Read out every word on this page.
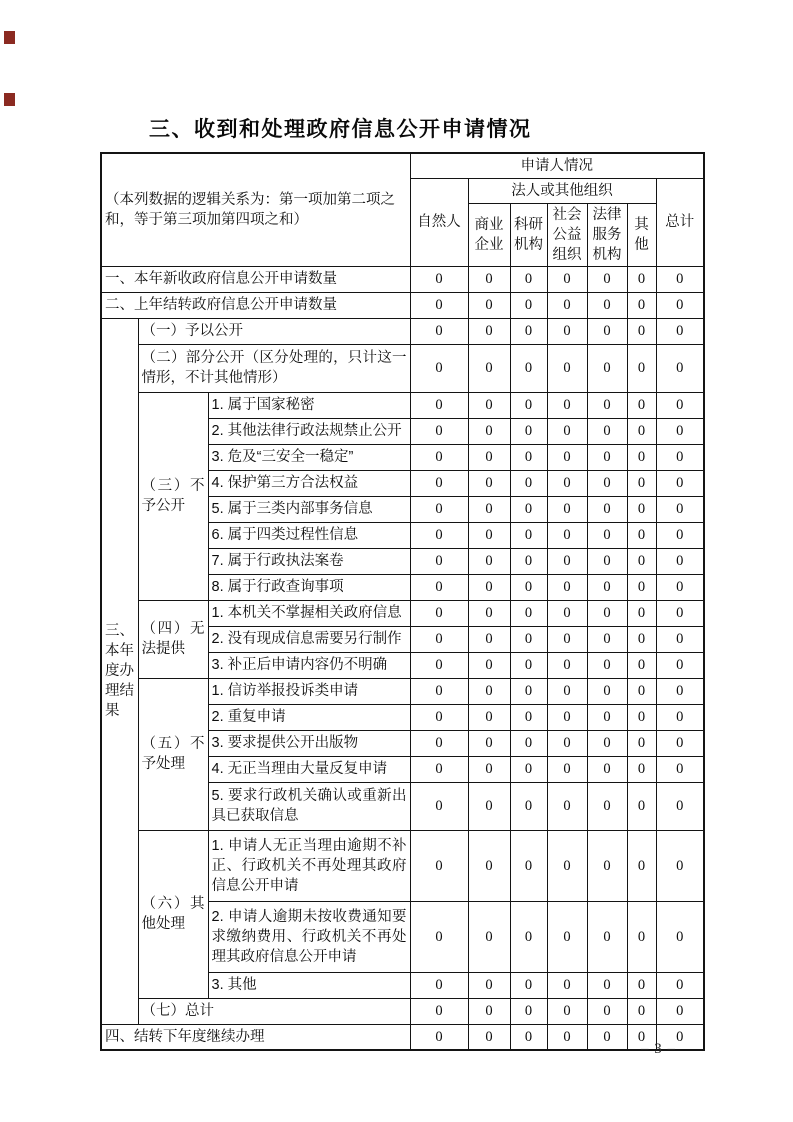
三、收到和处理政府信息公开申请情况
（本列数据的逻辑关系为：第一项加第二项之和，等于第三项加第四项之和）			申请人情况						
			自然人	法人或其他组织					总计
				商业企业	科研机构	社会公益组织	法律服务机构	其他	
一、本年新收政府信息公开申请数量			0	0	0	0	0	0	0
二、上年结转政府信息公开申请数量			0	0	0	0	0	0	0
三、本年度办理结果	（一）予以公开		0	0	0	0	0	0	0
	（二）部分公开（区分处理的，只计这一情形，不计其他情形）		0	0	0	0	0	0	0
	（三）不予公开	1. 属于国家秘密	0	0	0	0	0	0	0
		2. 其他法律行政法规禁止公开	0	0	0	0	0	0	0
		3. 危及“三安全一稳定”	0	0	0	0	0	0	0
		4. 保护第三方合法权益	0	0	0	0	0	0	0
		5. 属于三类内部事务信息	0	0	0	0	0	0	0
		6. 属于四类过程性信息	0	0	0	0	0	0	0
		7. 属于行政执法案卷	0	0	0	0	0	0	0
		8. 属于行政查询事项	0	0	0	0	0	0	0
	（四）无法提供	1. 本机关不掌握相关政府信息	0	0	0	0	0	0	0
		2. 没有现成信息需要另行制作	0	0	0	0	0	0	0
		3. 补正后申请内容仍不明确	0	0	0	0	0	0	0
	（五）不予处理	1. 信访举报投诉类申请	0	0	0	0	0	0	0
		2. 重复申请	0	0	0	0	0	0	0
		3. 要求提供公开出版物	0	0	0	0	0	0	0
		4. 无正当理由大量反复申请	0	0	0	0	0	0	0
		5. 要求行政机关确认或重新出具已获取信息	0	0	0	0	0	0	0
	（六）其他处理	1. 申请人无正当理由逾期不补正、行政机关不再处理其政府信息公开申请	0	0	0	0	0	0	0
		2. 申请人逾期未按收费通知要求缴纳费用、行政机关不再处理其政府信息公开申请	0	0	0	0	0	0	0
		3. 其他	0	0	0	0	0	0	0
	（七）总计		0	0	0	0	0	0	0
四、结转下年度继续办理			0	0	0	0	0	0	0
– 3 –
